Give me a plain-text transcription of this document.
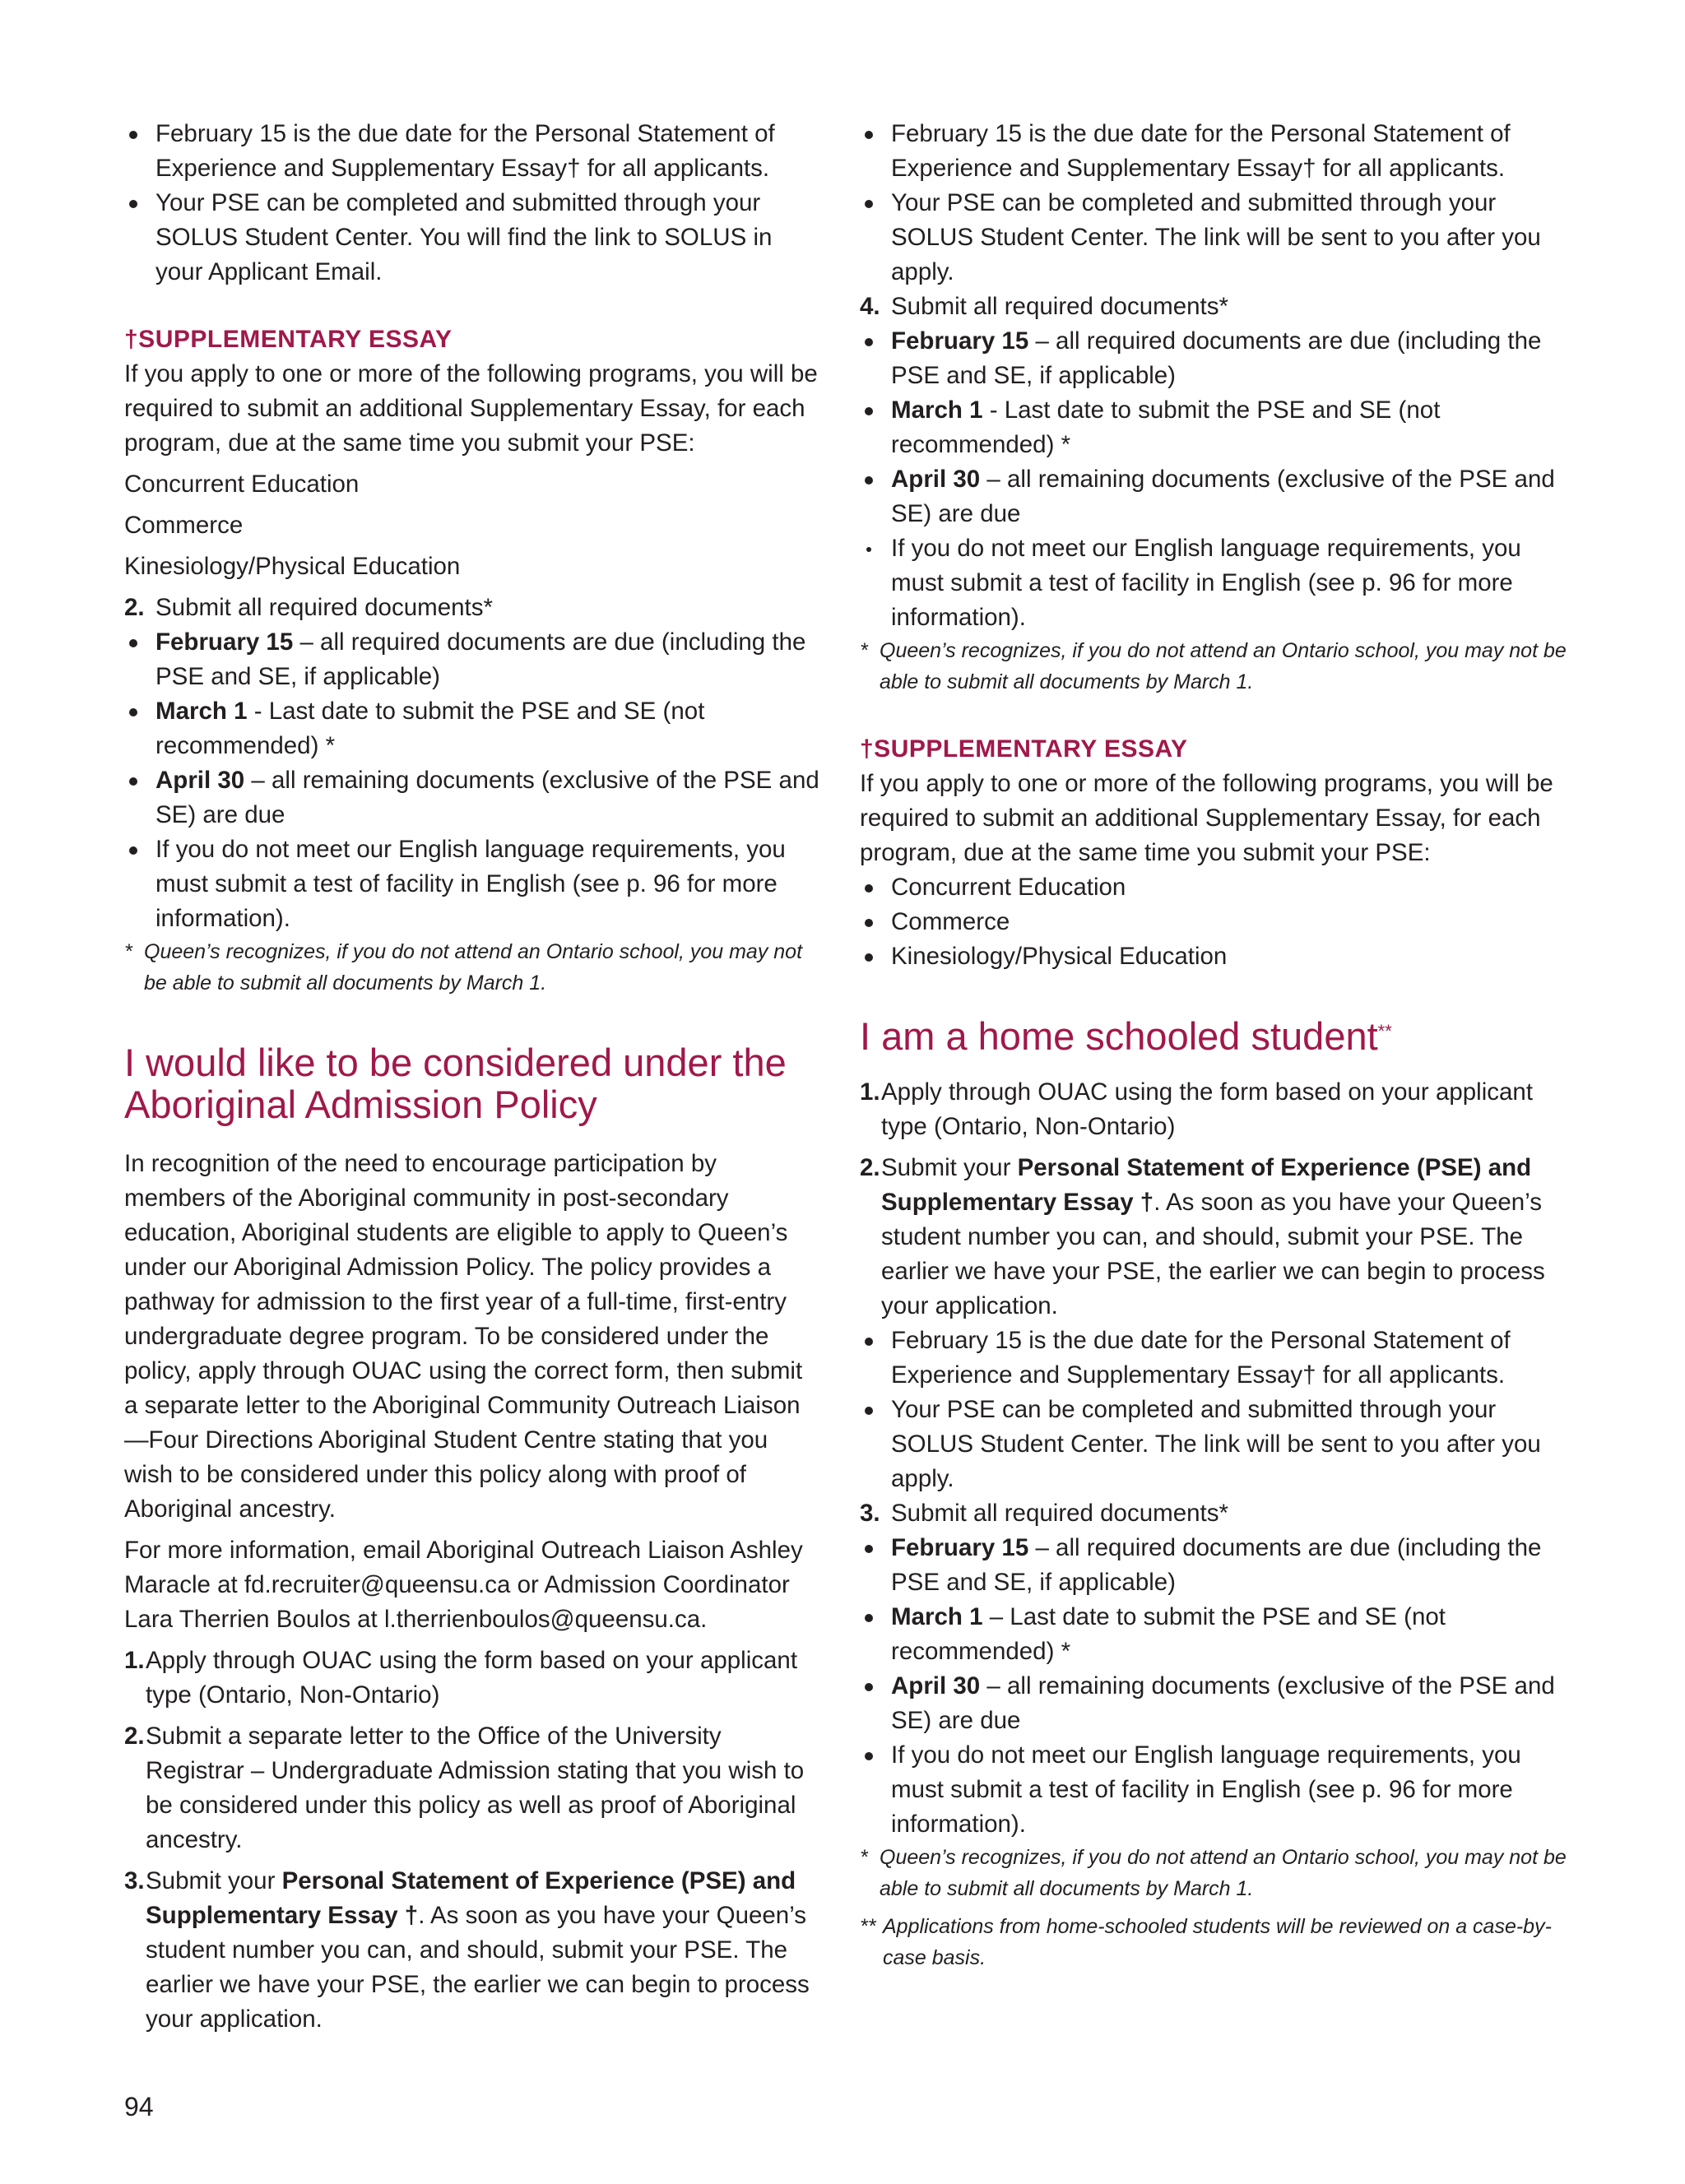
February 15 is the due date for the Personal Statement of Experience and Supplementary Essay† for all applicants.
Your PSE can be completed and submitted through your SOLUS Student Center. You will find the link to SOLUS in your Applicant Email.
†SUPPLEMENTARY ESSAY

If you apply to one or more of the following programs, you will be required to submit an additional Supplementary Essay, for each program, due at the same time you submit your PSE:

Concurrent Education

Commerce

Kinesiology/Physical Education

2. Submit all required documents*
February 15 – all required documents are due (including the PSE and SE, if applicable)
March 1 - Last date to submit the PSE and SE (not recommended) *
April 30 – all remaining documents (exclusive of the PSE and SE) are due
If you do not meet our English language requirements, you must submit a test of facility in English (see p. 96 for more information).
* Queen’s recognizes, if you do not attend an Ontario school, you may not be able to submit all documents by March 1.
I would like to be considered under the Aboriginal Admission Policy

In recognition of the need to encourage participation by members of the Aboriginal community in post-secondary education, Aboriginal students are eligible to apply to Queen’s under our Aboriginal Admission Policy. The policy provides a pathway for admission to the first year of a full-time, first-entry undergraduate degree program. To be considered under the policy, apply through OUAC using the correct form, then submit a separate letter to the Aboriginal Community Outreach Liaison —Four Directions Aboriginal Student Centre stating that you wish to be considered under this policy along with proof of Aboriginal ancestry.

For more information, email Aboriginal Outreach Liaison Ashley Maracle at fd.recruiter@queensu.ca or Admission Coordinator Lara Therrien Boulos at l.therrienboulos@queensu.ca.

1. Apply through OUAC using the form based on your applicant type (Ontario, Non-Ontario)
2. Submit a separate letter to the Office of the University Registrar – Undergraduate Admission stating that you wish to be considered under this policy as well as proof of Aboriginal ancestry.
3. Submit your Personal Statement of Experience (PSE) and Supplementary Essay †. As soon as you have your Queen’s student number you can, and should, submit your PSE. The earlier we have your PSE, the earlier we can begin to process your application.
February 15 is the due date for the Personal Statement of Experience and Supplementary Essay† for all applicants.
Your PSE can be completed and submitted through your SOLUS Student Center. The link will be sent to you after you apply.
4. Submit all required documents*
February 15 – all required documents are due (including the PSE and SE, if applicable)
March 1 - Last date to submit the PSE and SE (not recommended) *
April 30 – all remaining documents (exclusive of the PSE and SE) are due
If you do not meet our English language requirements, you must submit a test of facility in English (see p. 96 for more information).
* Queen’s recognizes, if you do not attend an Ontario school, you may not be able to submit all documents by March 1.
†SUPPLEMENTARY ESSAY

If you apply to one or more of the following programs, you will be required to submit an additional Supplementary Essay, for each program, due at the same time you submit your PSE:

Concurrent Education
Commerce
Kinesiology/Physical Education
I am a home schooled student**
1. Apply through OUAC using the form based on your applicant type (Ontario, Non-Ontario)
2. Submit your Personal Statement of Experience (PSE) and Supplementary Essay †. As soon as you have your Queen’s student number you can, and should, submit your PSE. The earlier we have your PSE, the earlier we can begin to process your application.
February 15 is the due date for the Personal Statement of Experience and Supplementary Essay† for all applicants.
Your PSE can be completed and submitted through your SOLUS Student Center. The link will be sent to you after you apply.
3. Submit all required documents*
February 15 – all required documents are due (including the PSE and SE, if applicable)
March 1 – Last date to submit the PSE and SE (not recommended) *
April 30 – all remaining documents (exclusive of the PSE and SE) are due
If you do not meet our English language requirements, you must submit a test of facility in English (see p. 96 for more information).
* Queen’s recognizes, if you do not attend an Ontario school, you may not be able to submit all documents by March 1.
** Applications from home-schooled students will be reviewed on a case-by-case basis.
94
